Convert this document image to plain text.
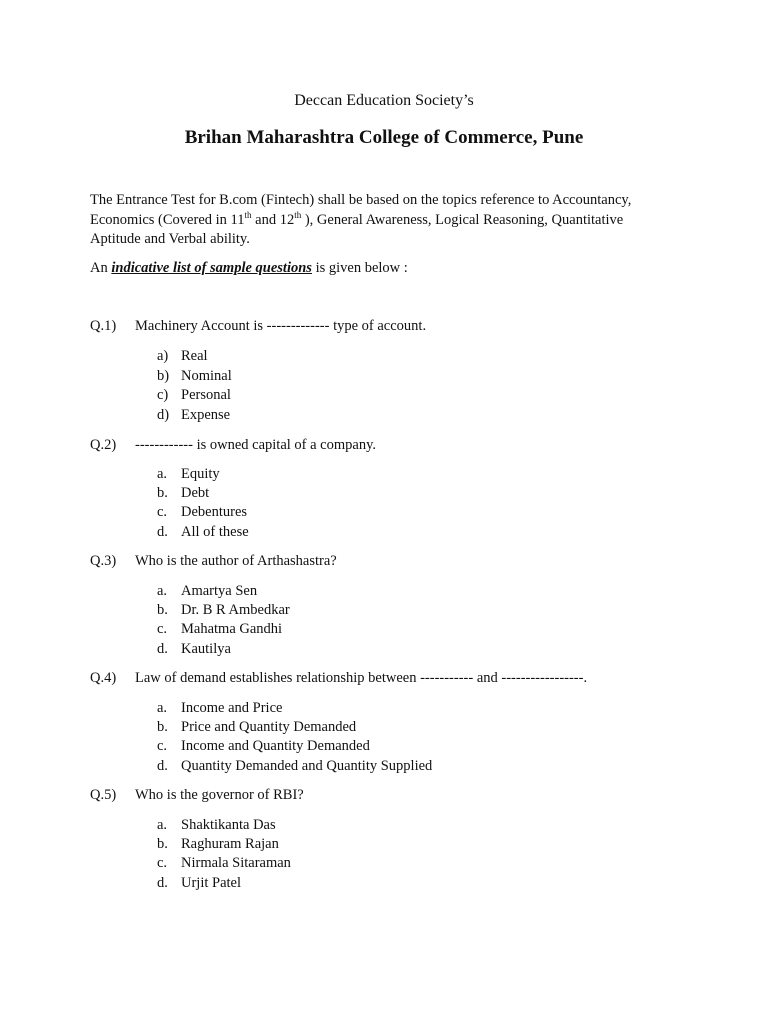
Deccan Education Society’s
Brihan Maharashtra College of Commerce, Pune
The Entrance Test for B.com (Fintech) shall be based on the topics reference to Accountancy,
Economics (Covered in 11th and 12th ), General Awareness, Logical Reasoning, Quantitative
Aptitude and Verbal ability.
An indicative list of sample questions is given below :
Q.1) Machinery Account is ------------- type of account.
a) Real
b) Nominal
c) Personal
d) Expense
Q.2) ------------ is owned capital of a company.
a. Equity
b. Debt
c. Debentures
d. All of these
Q.3) Who is the author of Arthashastra?
a. Amartya Sen
b. Dr. B R Ambedkar
c. Mahatma Gandhi
d. Kautilya
Q.4) Law of demand establishes relationship between ----------- and -----------------.
a. Income and Price
b. Price and Quantity Demanded
c. Income and Quantity Demanded
d. Quantity Demanded and Quantity Supplied
Q.5) Who is the governor of RBI?
a. Shaktikanta Das
b. Raghuram Rajan
c. Nirmala Sitaraman
d. Urjit Patel
